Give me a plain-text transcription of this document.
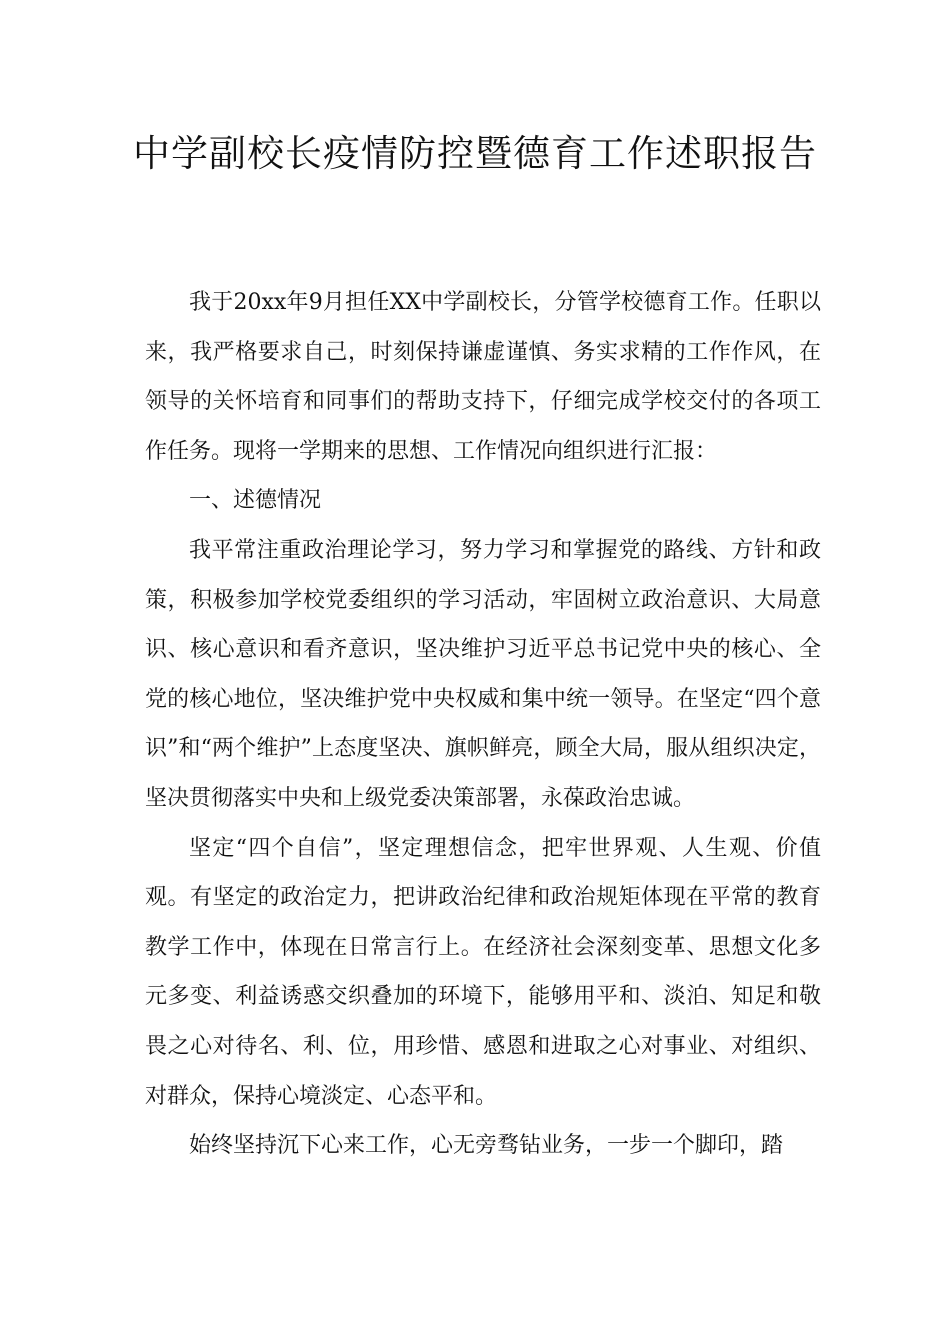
中学副校长疫情防控暨德育工作述职报告

我于20xx年9月担任XX中学副校长，分管学校德育工作。任职以来，我严格要求自己，时刻保持谦虚谨慎、务实求精的工作作风，在领导的关怀培育和同事们的帮助支持下，仔细完成学校交付的各项工作任务。现将一学期来的思想、工作情况向组织进行汇报：

一、述德情况

我平常注重政治理论学习，努力学习和掌握党的路线、方针和政策，积极参加学校党委组织的学习活动，牢固树立政治意识、大局意识、核心意识和看齐意识，坚决维护习近平总书记党中央的核心、全党的核心地位，坚决维护党中央权威和集中统一领导。在坚定“四个意识”和“两个维护”上态度坚决、旗帜鲜亮，顾全大局，服从组织决定，坚决贯彻落实中央和上级党委决策部署，永葆政治忠诚。

坚定“四个自信”，坚定理想信念，把牢世界观、人生观、价值观。有坚定的政治定力，把讲政治纪律和政治规矩体现在平常的教育教学工作中，体现在日常言行上。在经济社会深刻变革、思想文化多元多变、利益诱惑交织叠加的环境下，能够用平和、淡泊、知足和敬畏之心对待名、利、位，用珍惜、感恩和进取之心对事业、对组织、对群众，保持心境淡定、心态平和。

始终坚持沉下心来工作，心无旁骛钻业务，一步一个脚印，踏
